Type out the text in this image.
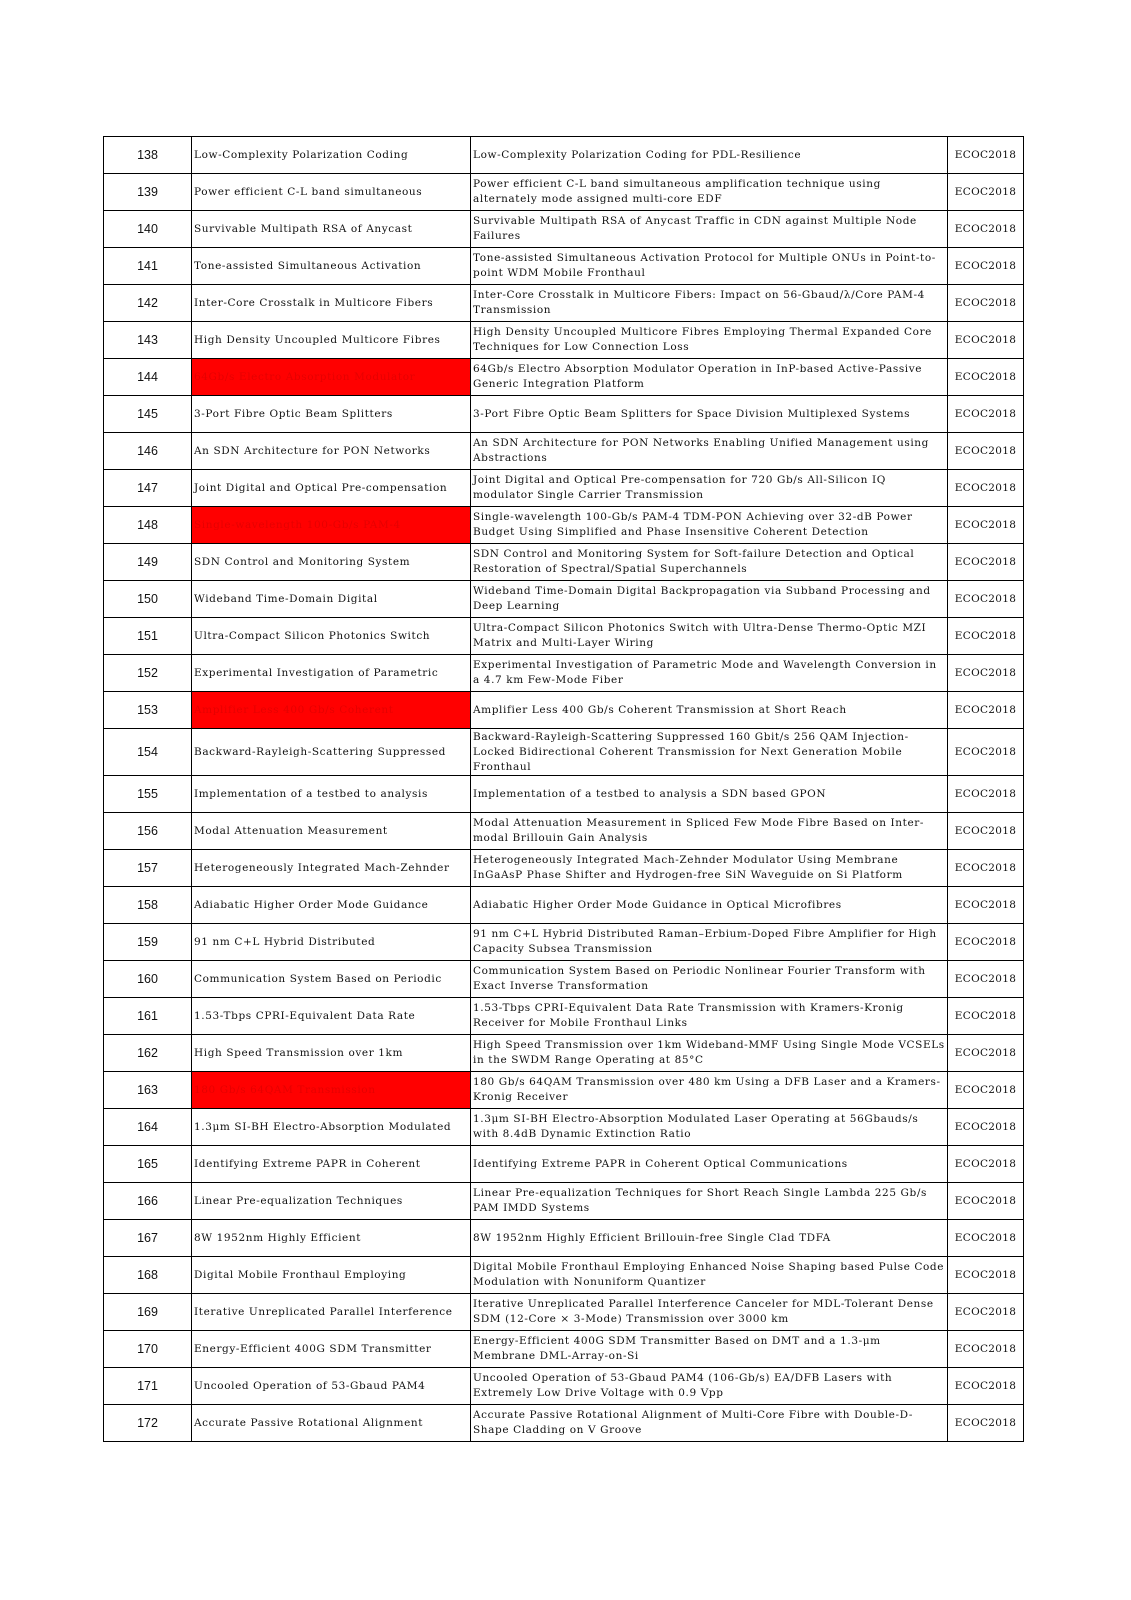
138	Low-Complexity Polarization Coding	Low-Complexity Polarization Coding for PDL-Resilience	ECOC2018
139	Power efficient C-L band simultaneous	Power efficient C-L band simultaneous amplification technique using alternately mode assigned multi-core EDF	ECOC2018
140	Survivable Multipath RSA of Anycast	Survivable Multipath RSA of Anycast Traffic in CDN against Multiple Node Failures	ECOC2018
141	Tone-assisted Simultaneous Activation	Tone-assisted Simultaneous Activation Protocol for Multiple ONUs in Point-to-point WDM Mobile Fronthaul	ECOC2018
142	Inter-Core Crosstalk in Multicore Fibers	Inter-Core Crosstalk in Multicore Fibers: Impact on 56-Gbaud/λ/Core PAM-4 Transmission	ECOC2018
143	High Density Uncoupled Multicore Fibres	High Density Uncoupled Multicore Fibres Employing Thermal Expanded Core Techniques for Low Connection Loss	ECOC2018
144	64Gb/s Electro Absorption Modulator	64Gb/s Electro Absorption Modulator Operation in InP-based Active-Passive Generic Integration Platform	ECOC2018
145	3-Port Fibre Optic Beam Splitters	3-Port Fibre Optic Beam Splitters for Space Division Multiplexed Systems	ECOC2018
146	An SDN Architecture for PON Networks	An SDN Architecture for PON Networks Enabling Unified Management using Abstractions	ECOC2018
147	Joint Digital and Optical Pre-compensation	Joint Digital and Optical Pre-compensation for 720 Gb/s All-Silicon IQ modulator Single Carrier Transmission	ECOC2018
148	Single-wavelength 100-Gb/s PAM-4	Single-wavelength 100-Gb/s PAM-4 TDM-PON Achieving over 32-dB Power Budget Using Simplified and Phase Insensitive Coherent Detection	ECOC2018
149	SDN Control and Monitoring System	SDN Control and Monitoring System for Soft-failure Detection and Optical Restoration of Spectral/Spatial Superchannels	ECOC2018
150	Wideband Time-Domain Digital	Wideband Time-Domain Digital Backpropagation via Subband Processing and Deep Learning	ECOC2018
151	Ultra-Compact Silicon Photonics Switch	Ultra-Compact Silicon Photonics Switch with Ultra-Dense Thermo-Optic MZI Matrix and Multi-Layer Wiring	ECOC2018
152	Experimental Investigation of Parametric	Experimental Investigation of Parametric Mode and Wavelength Conversion in a 4.7 km Few-Mode Fiber	ECOC2018
153	Amplifier Less 400 Gb/s Coherent	Amplifier Less 400 Gb/s Coherent Transmission at Short Reach	ECOC2018
154	Backward-Rayleigh-Scattering Suppressed	Backward-Rayleigh-Scattering Suppressed 160 Gbit/s 256 QAM Injection-Locked Bidirectional Coherent Transmission for Next Generation Mobile Fronthaul	ECOC2018
155	Implementation of a testbed to analysis	Implementation of a testbed to analysis a SDN based GPON	ECOC2018
156	Modal Attenuation Measurement	Modal Attenuation Measurement in Spliced Few Mode Fibre Based on Inter-modal Brillouin Gain Analysis	ECOC2018
157	Heterogeneously Integrated Mach-Zehnder	Heterogeneously Integrated Mach-Zehnder Modulator Using Membrane InGaAsP Phase Shifter and Hydrogen-free SiN Waveguide on Si Platform	ECOC2018
158	Adiabatic Higher Order Mode Guidance	Adiabatic Higher Order Mode Guidance in Optical Microfibres	ECOC2018
159	91 nm C+L Hybrid Distributed	91 nm C+L Hybrid Distributed Raman–Erbium-Doped Fibre Amplifier for High Capacity Subsea Transmission	ECOC2018
160	Communication System Based on Periodic	Communication System Based on Periodic Nonlinear Fourier Transform with Exact Inverse Transformation	ECOC2018
161	1.53-Tbps CPRI-Equivalent Data Rate	1.53-Tbps CPRI-Equivalent Data Rate Transmission with Kramers-Kronig Receiver for Mobile Fronthaul Links	ECOC2018
162	High Speed Transmission over 1km	High Speed Transmission over 1km Wideband-MMF Using Single Mode VCSELs in the SWDM Range Operating at 85°C	ECOC2018
163	180 Gb/s 64QAM Transmission	180 Gb/s 64QAM Transmission over 480 km Using a DFB Laser and a Kramers-Kronig Receiver	ECOC2018
164	1.3μm SI-BH Electro-Absorption Modulated	1.3μm SI-BH Electro-Absorption Modulated Laser Operating at 56Gbauds/s with 8.4dB Dynamic Extinction Ratio	ECOC2018
165	Identifying Extreme PAPR in Coherent	Identifying Extreme PAPR in Coherent Optical Communications	ECOC2018
166	Linear Pre-equalization Techniques	Linear Pre-equalization Techniques for Short Reach Single Lambda 225 Gb/s PAM IMDD Systems	ECOC2018
167	8W 1952nm Highly Efficient	8W 1952nm Highly Efficient Brillouin-free Single Clad TDFA	ECOC2018
168	Digital Mobile Fronthaul Employing	Digital Mobile Fronthaul Employing Enhanced Noise Shaping based Pulse Code Modulation with Nonuniform Quantizer	ECOC2018
169	Iterative Unreplicated Parallel Interference	Iterative Unreplicated Parallel Interference Canceler for MDL-Tolerant Dense SDM (12-Core × 3-Mode) Transmission over 3000 km	ECOC2018
170	Energy-Efficient 400G SDM Transmitter	Energy-Efficient 400G SDM Transmitter Based on DMT and a 1.3-μm Membrane DML-Array-on-Si	ECOC2018
171	Uncooled Operation of 53-Gbaud PAM4	Uncooled Operation of 53-Gbaud PAM4 (106-Gb/s) EA/DFB Lasers with Extremely Low Drive Voltage with 0.9 Vpp	ECOC2018
172	Accurate Passive Rotational Alignment	Accurate Passive Rotational Alignment of Multi-Core Fibre with Double-D-Shape Cladding on V Groove	ECOC2018
